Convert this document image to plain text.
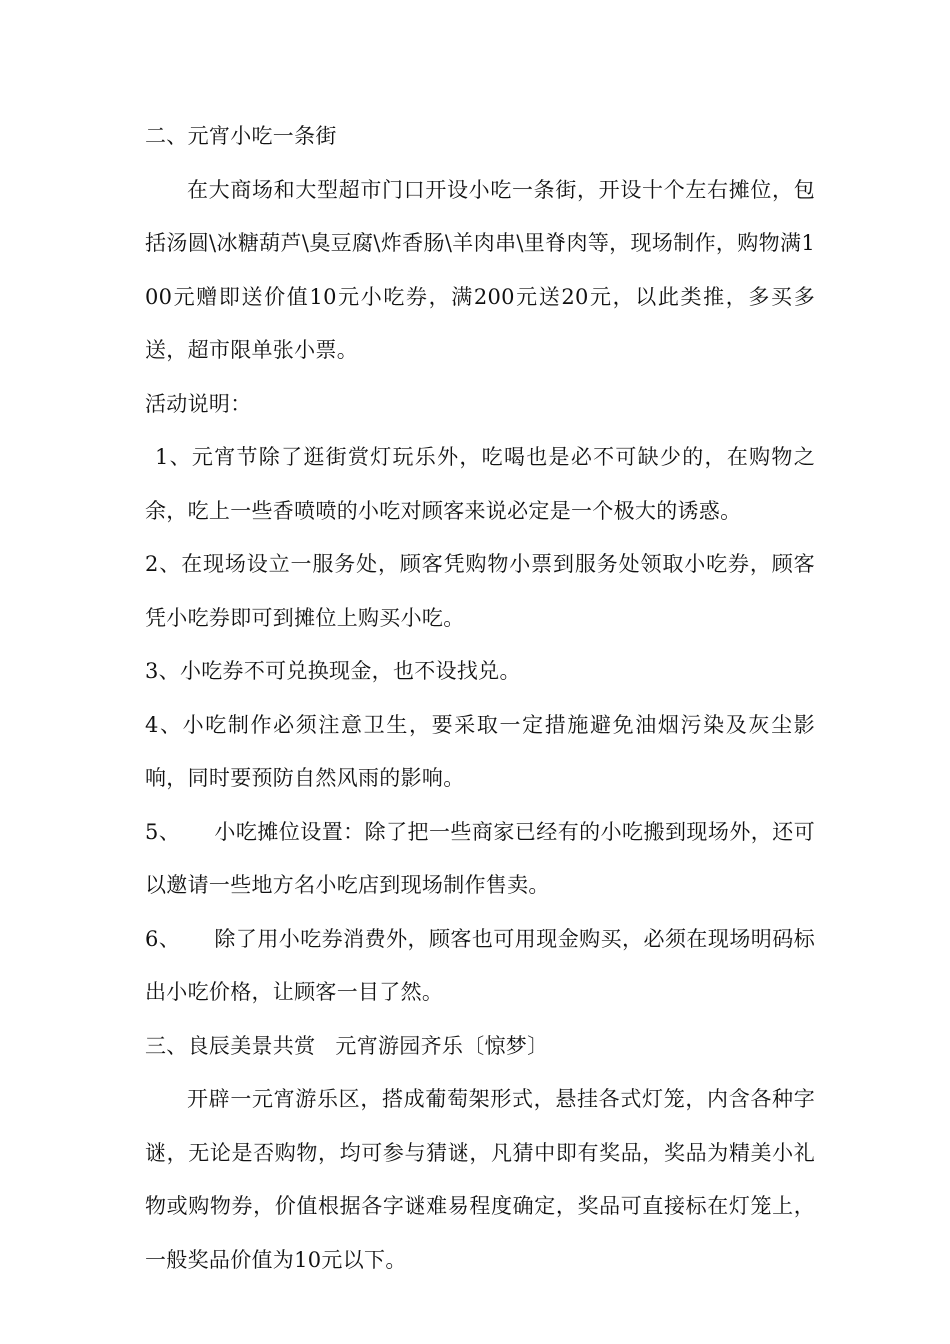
二、元宵小吃一条街

在大商场和大型超市门口开设小吃一条街，开设十个左右摊位，包括汤圆\冰糖葫芦\臭豆腐\炸香肠\羊肉串\里脊肉等，现场制作，购物满100元赠即送价值10元小吃券，满200元送20元，以此类推，多买多送，超市限单张小票。

活动说明：

1、元宵节除了逛街赏灯玩乐外，吃喝也是必不可缺少的，在购物之余，吃上一些香喷喷的小吃对顾客来说必定是一个极大的诱惑。

2、在现场设立一服务处，顾客凭购物小票到服务处领取小吃券，顾客凭小吃券即可到摊位上购买小吃。

3、小吃券不可兑换现金，也不设找兑。

4、小吃制作必须注意卫生，要采取一定措施避免油烟污染及灰尘影响，同时要预防自然风雨的影响。

5、 小吃摊位设置：除了把一些商家已经有的小吃搬到现场外，还可以邀请一些地方名小吃店到现场制作售卖。

6、 除了用小吃券消费外，顾客也可用现金购买，必须在现场明码标出小吃价格，让顾客一目了然。

三、良辰美景共赏 元宵游园齐乐〔惊梦〕

开辟一元宵游乐区，搭成葡萄架形式，悬挂各式灯笼，内含各种字谜，无论是否购物，均可参与猜谜，凡猜中即有奖品，奖品为精美小礼物或购物券，价值根据各字谜难易程度确定，奖品可直接标在灯笼上，一般奖品价值为10元以下。
